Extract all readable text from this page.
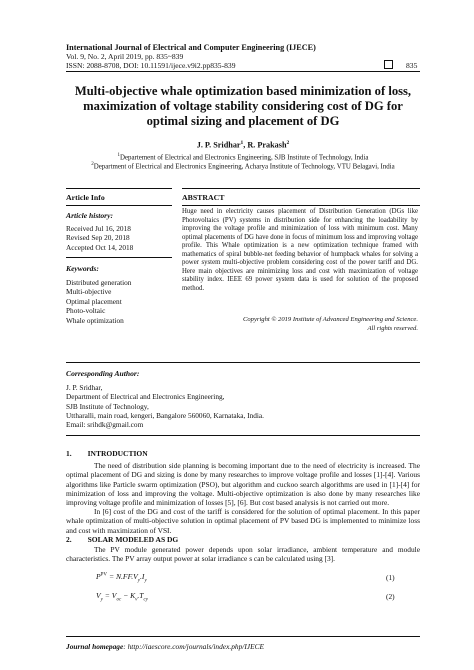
International Journal of Electrical and Computer Engineering (IJECE)
Vol. 9, No. 2, April 2019, pp. 835~839
ISSN: 2088-8708, DOI: 10.11591/ijece.v9i2.pp835-839	835
Multi-objective whale optimization based minimization of loss,
maximization of voltage stability considering cost of DG for
optimal sizing and placement of DG
J. P. Sridhar$^1$, R. Prakash$^2$
$^1$Departement of Electrical and Electronics Engineering, SJB Institute of Technology, India
$^2$Department of Electrical and Electronics Engineering, Acharya Institute of Technology, VTU Belagavi, India
Article Info	ABSTRACT
Article history:
Received Jul 16, 2018
Revised Sep 20, 2018
Accepted Oct 14, 2018
Keywords:
Distributed generation
Multi-objective
Optimal placement
Photo-voltaic
Whale optimization
Huge need in electricity causes placement of Distribution Generation (DGs like Photovoltaics (PV) systems in distribution side for enhancing the loadability by improving the voltage profile and minimization of loss with minimum cost. Many optimal placements of DG have done in focus of minimum loss and improving voltage profile. This Whale optimization is a new optimization technique framed with mathematics of spiral bubble-net feeding behavior of humpback whales for solving a power system multi-objective problem considering cost of the power tariff and DG. Here main objectives are minimizing loss and cost with maximization of voltage stability index. IEEE 69 power system data is used for solution of the proposed method.
Copyright © 2019 Institute of Advanced Engineering and Science.
All rights reserved.
Corresponding Author:
J. P. Sridhar,
Department of Electrical and Electronics Engineering,
SJB Institute of Technology,
Uttharalli, main road, kengeri, Bangalore 560060, Karnataka, India.
Email: srihdk@gmail.com
1. INTRODUCTION
The need of distribution side planning is becoming important due to the need of electricity is increased. The optimal placement of DG and sizing is done by many researches to improve voltage profile and losses [1]-[4]. Various algorithms like Particle swarm optimization (PSO), but algorithm and cuckoo search algorithms are used in [1]-[4] for minimization of loss and improving the voltage. Multi-objective optimization is also done by many researches like improving voltage profile and minimization of losses [5], [6]. But cost based analysis is not carried out more.
In [6] cost of the DG and cost of the tariff is considered for the solution of optimal placement. In this paper whale optimization of multi-objective solution in optimal placement of PV based DG is implemented to minimize loss and cost with maximization of VSI.
2. SOLAR MODELED AS DG
The PV module generated power depends upon solar irradiance, ambient temperature and module characteristics. The PV array output power at solar irradiance s can be calculated using [3].
$P^{PV} = N.FF.V_y.I_y$	(1)
$V_y = V_{oc} - K_v.T_{cy}$	(2)
Journal homepage: http://iaescore.com/journals/index.php/IJECE
